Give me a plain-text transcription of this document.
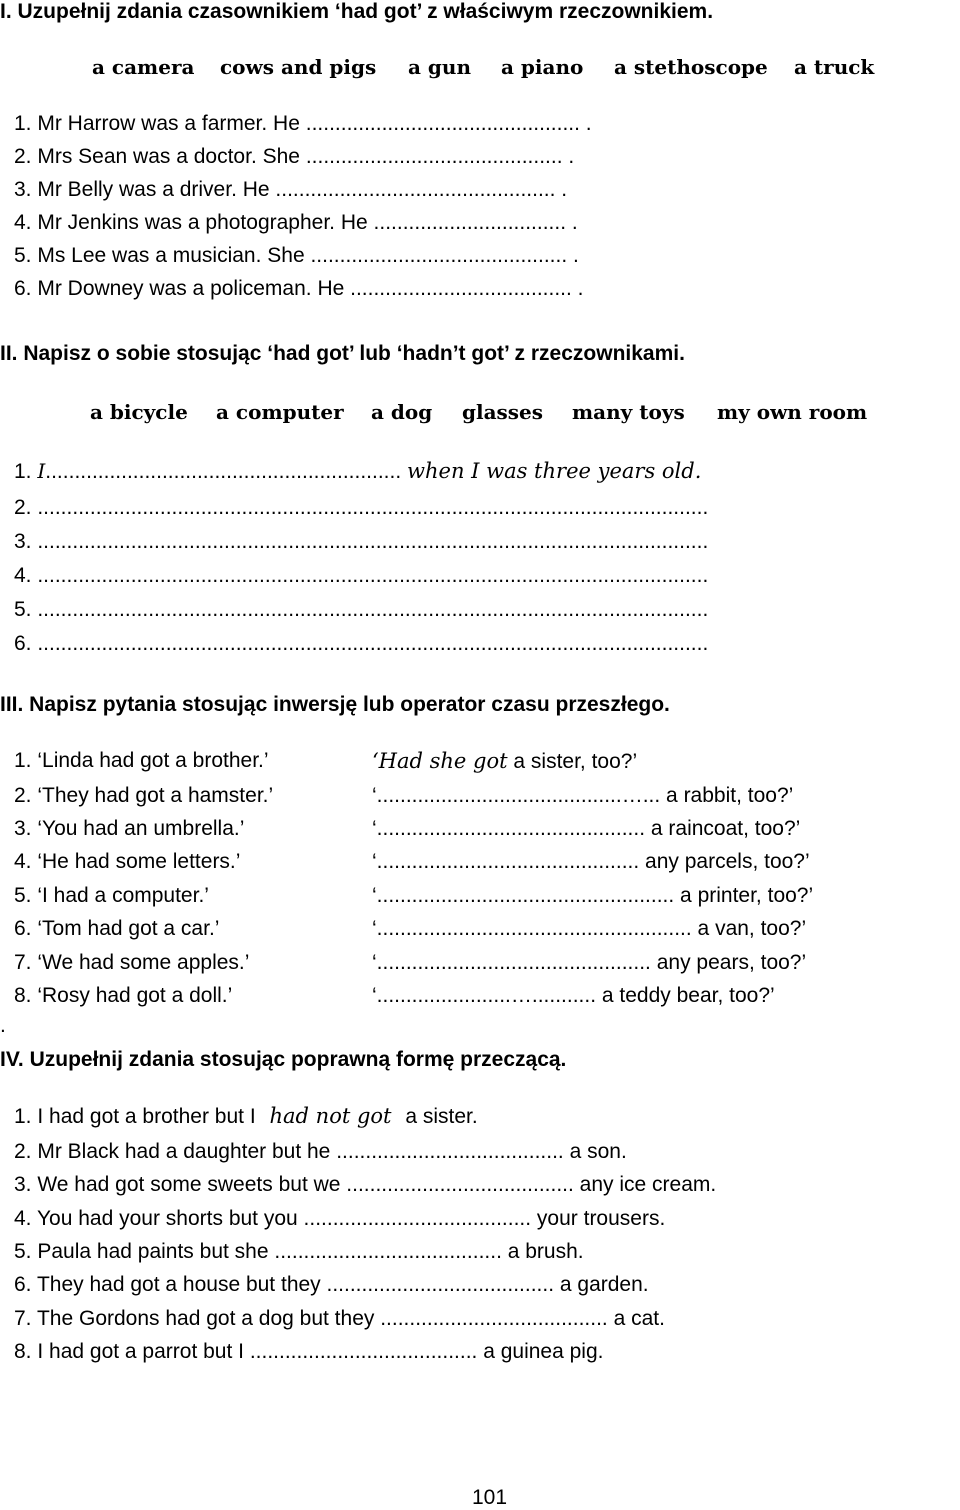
I. Uzupełnij zdania czasownikiem ‘had got’ z właściwym rzeczownikiem.
a camera cows and pigs a gun a piano a stethoscope a truck
1. Mr Harrow was a farmer. He ............................................... .
2. Mrs Sean was a doctor. She ............................................ .
3. Mr Belly was a driver. He ................................................ .
4. Mr Jenkins was a photographer. He ................................. .
5. Ms Lee was a musician. She ............................................ .
6. Mr Downey was a policeman. He ...................................... .
II. Napisz o sobie stosując ‘had got’ lub ‘hadn’t got’ z rzeczownikami.
a bicycle a computer a dog glasses many toys my own room
1. I............................................................. when I was three years old.
2. ...................................................................................................................
3. ...................................................................................................................
4. ...................................................................................................................
5. ...................................................................................................................
6. ...................................................................................................................
III. Napisz pytania stosując inwersję lub operator czasu przeszłego.
1. ‘Linda had got a brother.’	‘Had she got a sister, too?’
2. ‘They had got a hamster.’	‘..........................................…... a rabbit, too?’
3. ‘You had an umbrella.’	‘.............................................. a raincoat, too?’
4. ‘He had some letters.’	‘............................................. any parcels, too?’
5. ‘I had a computer.’	‘................................................... a printer, too?’
6. ‘Tom had got a car.’	‘...................................................... a van, too?’
7. ‘We had some apples.’	‘............................................... any pears, too?’
8. ‘Rosy had got a doll.’	‘.......................…........... a teddy bear, too?’
.
IV. Uzupełnij zdania stosując poprawną formę przeczącą.
1. I had got a brother but I had not got a sister.
2. Mr Black had a daughter but he ....................................... a son.
3. We had got some sweets but we ....................................... any ice cream.
4. You had your shorts but you ....................................... your trousers.
5. Paula had paints but she ....................................... a brush.
6. They had got a house but they ....................................... a garden.
7. The Gordons had got a dog but they ....................................... a cat.
8. I had got a parrot but I ....................................... a guinea pig.
101
